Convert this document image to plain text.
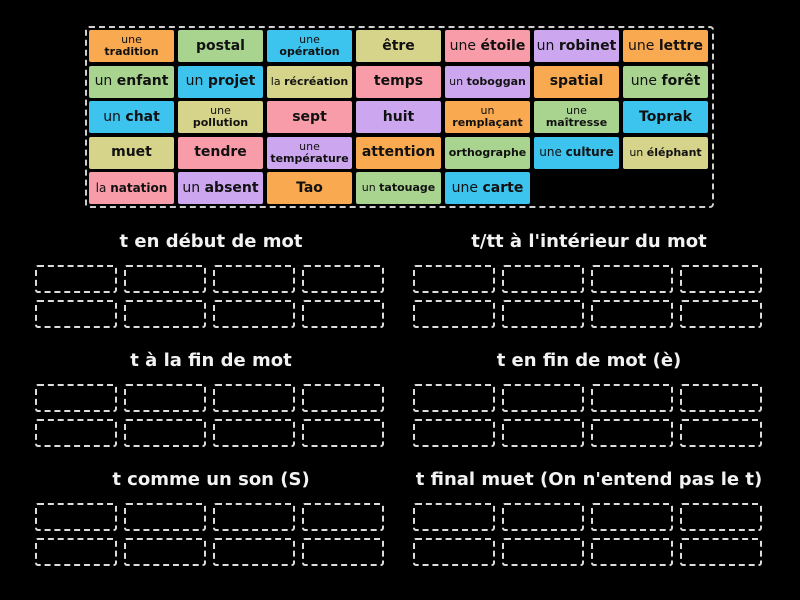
une
tradition	postal	une
opération	être une étoile un robinet une lettre
un enfant un projet la récréation temps un toboggan spatial une forêt
un chat	une
pollution	sept	huit	un
remplaçant
une
maîtresse Toprak
muet	tendre	une
température attention orthographe une culture un éléphant
la natation un absent	Tao	un tatouage une carte
t en début de mot	t/tt à l'intérieur du mot
t à la fin de mot	t en fin de mot (è)
t comme un son (S)	t final muet (On n'entend pas le t)
